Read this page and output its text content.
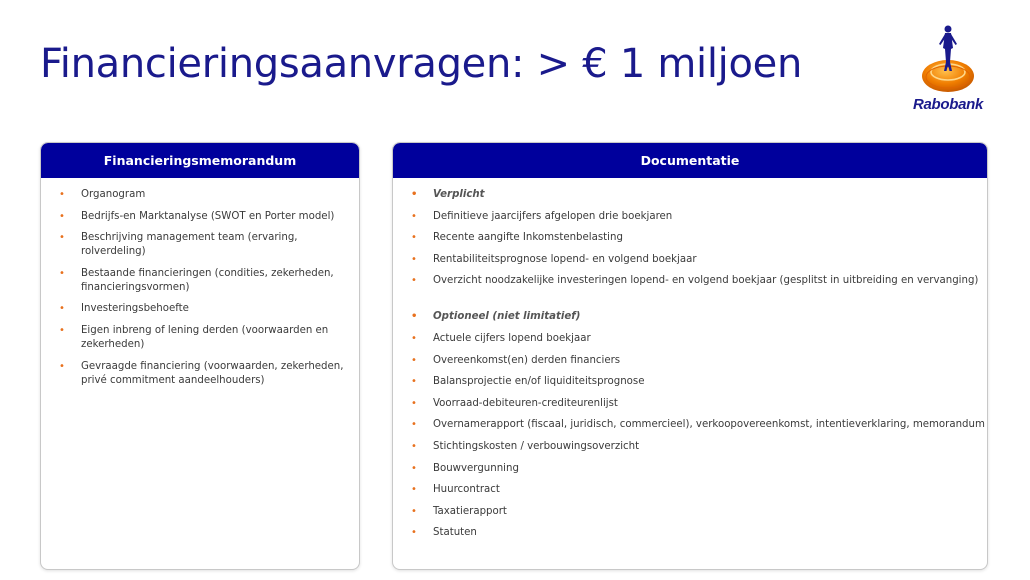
Financieringsaanvragen: > € 1 miljoen
Rabobank
Financieringsmemorandum
• Organogram
• Bedrijfs-en Marktanalyse (SWOT en Porter model)
• Beschrijving management team (ervaring, rolverdeling)
• Bestaande financieringen (condities, zekerheden, financieringsvormen)
• Investeringsbehoefte
• Eigen inbreng of lening derden (voorwaarden en zekerheden)
• Gevraagde financiering (voorwaarden, zekerheden, privé commitment aandeelhouders)
Documentatie
• Verplicht
• Definitieve jaarcijfers afgelopen drie boekjaren
• Recente aangifte Inkomstenbelasting
• Rentabiliteitsprognose lopend- en volgend boekjaar
• Overzicht noodzakelijke investeringen lopend- en volgend boekjaar (gesplitst in uitbreiding en vervanging)
• Optioneel (niet limitatief)
• Actuele cijfers lopend boekjaar
• Overeenkomst(en) derden financiers
• Balansprojectie en/of liquiditeitsprognose
• Voorraad-debiteuren-crediteurenlijst
• Overnamerapport (fiscaal, juridisch, commercieel), verkoopovereenkomst, intentieverklaring, memorandum
• Stichtingskosten / verbouwingsoverzicht
• Bouwvergunning
• Huurcontract
• Taxatierapport
• Statuten
